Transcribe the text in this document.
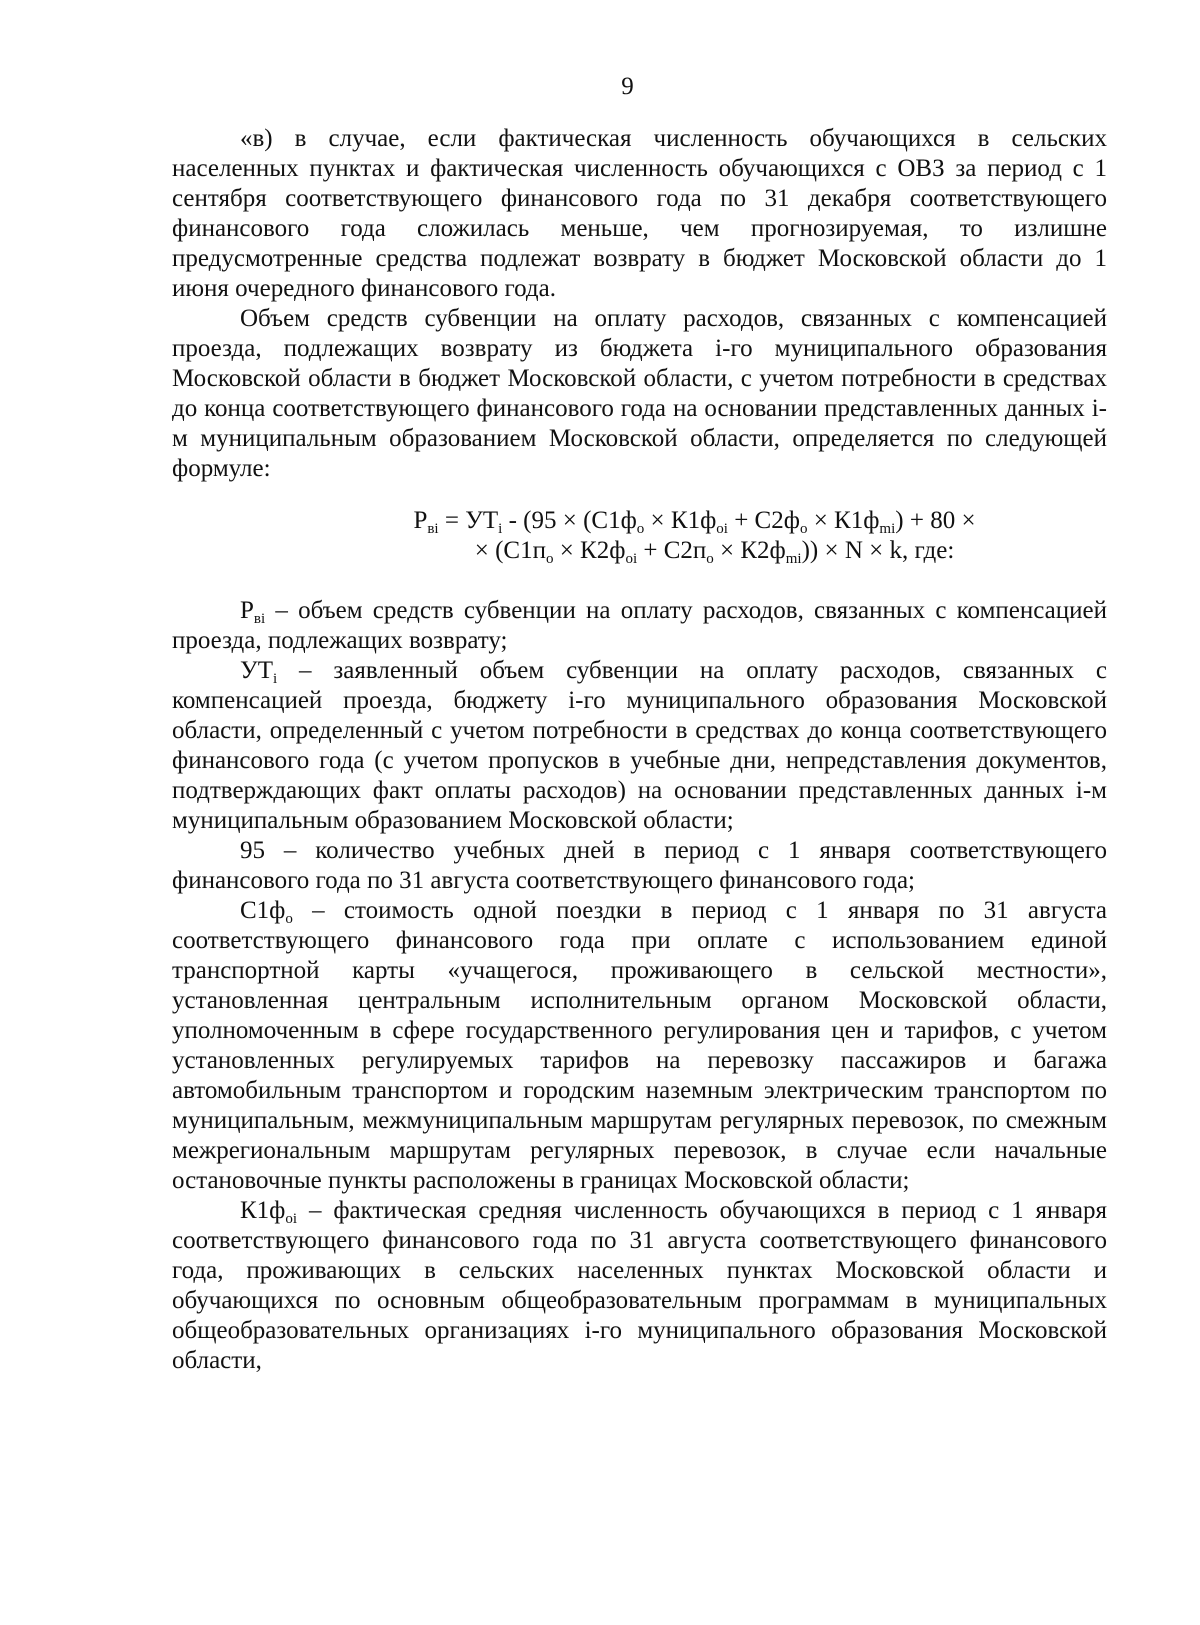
9

«в) в случае, если фактическая численность обучающихся в сельских населенных пунктах и фактическая численность обучающихся с ОВЗ за период с 1 сентября соответствующего финансового года по 31 декабря соответствующего финансового года сложилась меньше, чем прогнозируемая, то излишне предусмотренные средства подлежат возврату в бюджет Московской области до 1 июня очередного финансового года.

Объем средств субвенции на оплату расходов, связанных с компенсацией проезда, подлежащих возврату из бюджета i-го муниципального образования Московской области в бюджет Московской области, с учетом потребности в средствах до конца соответствующего финансового года на основании представленных данных i-м муниципальным образованием Московской области, определяется по следующей формуле:

$P_{вi} = УТ_i - (95 \times (С1ф_о \times К1ф_{оi} + С2ф_о \times К1ф_{mi}) + 80$ ×
× $(С1п_о \times К2ф_{оi} + С2п_о \times К2ф_{mi})) \times N \times k$, где:

$P_{вi}$ – объем средств субвенции на оплату расходов, связанных с компенсацией проезда, подлежащих возврату;

$УТ_i$ – заявленный объем субвенции на оплату расходов, связанных с компенсацией проезда, бюджету i-го муниципального образования Московской области, определенный с учетом потребности в средствах до конца соответствующего финансового года (с учетом пропусков в учебные дни, непредставления документов, подтверждающих факт оплаты расходов) на основании представленных данных i-м муниципальным образованием Московской области;

95 – количество учебных дней в период с 1 января соответствующего финансового года по 31 августа соответствующего финансового года;

$С1ф_о$ – стоимость одной поездки в период с 1 января по 31 августа соответствующего финансового года при оплате с использованием единой транспортной карты «учащегося, проживающего в сельской местности», установленная центральным исполнительным органом Московской области, уполномоченным в сфере государственного регулирования цен и тарифов, с учетом установленных регулируемых тарифов на перевозку пассажиров и багажа автомобильным транспортом и городским наземным электрическим транспортом по муниципальным, межмуниципальным маршрутам регулярных перевозок, по смежным межрегиональным маршрутам регулярных перевозок, в случае если начальные остановочные пункты расположены в границах Московской области;

$К1ф_{оi}$ – фактическая средняя численность обучающихся в период с 1 января соответствующего финансового года по 31 августа соответствующего финансового года, проживающих в сельских населенных пунктах Московской области и обучающихся по основным общеобразовательным программам в муниципальных общеобразовательных организациях i-го муниципального образования Московской области,
